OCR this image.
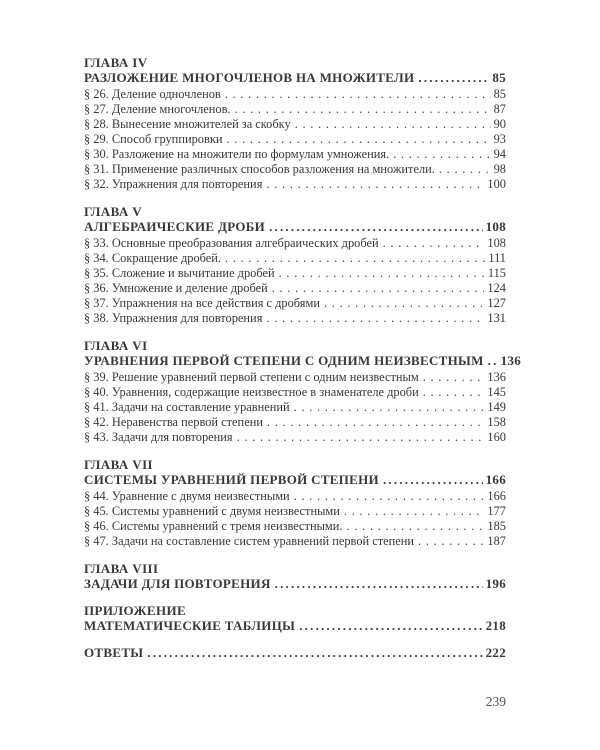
ГЛАВА IV
РАЗЛОЖЕНИЕ МНОГОЧЛЕНОВ НА МНОЖИТЕЛИ .....	85
§ 26. Деление одночленов . . .	85
§ 27. Деление многочленов. . . .	87
§ 28. Вынесение множителей за скобку . . .	90
§ 29. Способ группировки . . .	93
§ 30. Разложение на множители по формулам умножения. . . .	94
§ 31. Применение различных способов разложения на множители. . . .	98
§ 32. Упражнения для повторения . . .	100
ГЛАВА V
АЛГЕБРАИЧЕСКИЕ ДРОБИ .....	108
§ 33. Основные преобразования алгебраических дробей . . .	108
§ 34. Сокращение дробей. . . .	111
§ 35. Сложение и вычитание дробей . . .	115
§ 36. Умножение и деление дробей . . .	124
§ 37. Упражнения на все действия с дробями . . .	127
§ 38. Упражнения для повторения . . .	131
ГЛАВА VI
УРАВНЕНИЯ ПЕРВОЙ СТЕПЕНИ С ОДНИМ НЕИЗВЕСТНЫМ ..... 136
§ 39. Решение уравнений первой степени с одним неизвестным . . .	136
§ 40. Уравнения, содержащие неизвестное в знаменателе дроби . . .	145
§ 41. Задачи на составление уравнений . . .	149
§ 42. Неравенства первой степени . . .	158
§ 43. Задачи для повторения . . .	160
ГЛАВА VII
СИСТЕМЫ УРАВНЕНИЙ ПЕРВОЙ СТЕПЕНИ .....	166
§ 44. Уравнение с двумя неизвестными . . .	166
§ 45. Системы уравнений с двумя неизвестными . . .	177
§ 46. Системы уравнений с тремя неизвестными. . . .	185
§ 47. Задачи на составление систем уравнений первой степени . . .	187
ГЛАВА VIII
ЗАДАЧИ ДЛЯ ПОВТОРЕНИЯ .....	196
ПРИЛОЖЕНИЕ
МАТЕМАТИЧЕСКИЕ ТАБЛИЦЫ .....	218
ОТВЕТЫ .....	222
239
